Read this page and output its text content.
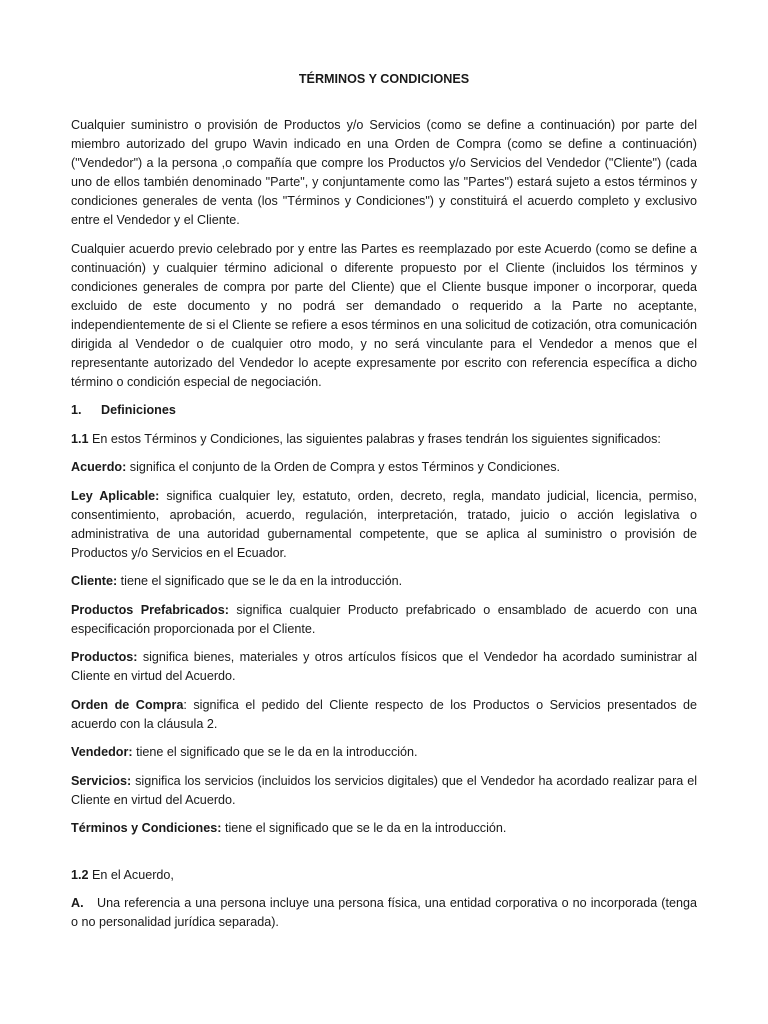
TÉRMINOS Y CONDICIONES

Cualquier suministro o provisión de Productos y/o Servicios (como se define a continuación) por parte del miembro autorizado del grupo Wavin indicado en una Orden de Compra (como se define a continuación) ("Vendedor") a la persona ,o compañía que compre los Productos y/o Servicios del Vendedor ("Cliente") (cada uno de ellos también denominado "Parte", y conjuntamente como las "Partes") estará sujeto a estos términos y condiciones generales de venta (los "Términos y Condiciones") y constituirá el acuerdo completo y exclusivo entre el Vendedor y el Cliente.

Cualquier acuerdo previo celebrado por y entre las Partes es reemplazado por este Acuerdo (como se define a continuación) y cualquier término adicional o diferente propuesto por el Cliente (incluidos los términos y condiciones generales de compra por parte del Cliente) que el Cliente busque imponer o incorporar, queda excluido de este documento y no podrá ser demandado o requerido a la Parte no aceptante, independientemente de si el Cliente se refiere a esos términos en una solicitud de cotización, otra comunicación dirigida al Vendedor o de cualquier otro modo, y no será vinculante para el Vendedor a menos que el representante autorizado del Vendedor lo acepte expresamente por escrito con referencia específica a dicho término o condición especial de negociación.

1. Definiciones

1.1 En estos Términos y Condiciones, las siguientes palabras y frases tendrán los siguientes significados:

Acuerdo: significa el conjunto de la Orden de Compra y estos Términos y Condiciones.

Ley Aplicable: significa cualquier ley, estatuto, orden, decreto, regla, mandato judicial, licencia, permiso, consentimiento, aprobación, acuerdo, regulación, interpretación, tratado, juicio o acción legislativa o administrativa de una autoridad gubernamental competente, que se aplica al suministro o provisión de Productos y/o Servicios en el Ecuador.

Cliente: tiene el significado que se le da en la introducción.

Productos Prefabricados: significa cualquier Producto prefabricado o ensamblado de acuerdo con una especificación proporcionada por el Cliente.

Productos: significa bienes, materiales y otros artículos físicos que el Vendedor ha acordado suministrar al Cliente en virtud del Acuerdo.

Orden de Compra: significa el pedido del Cliente respecto de los Productos o Servicios presentados de acuerdo con la cláusula 2.

Vendedor: tiene el significado que se le da en la introducción.

Servicios: significa los servicios (incluidos los servicios digitales) que el Vendedor ha acordado realizar para el Cliente en virtud del Acuerdo.

Términos y Condiciones: tiene el significado que se le da en la introducción.

1.2 En el Acuerdo,

A. Una referencia a una persona incluye una persona física, una entidad corporativa o no incorporada (tenga o no personalidad jurídica separada).
